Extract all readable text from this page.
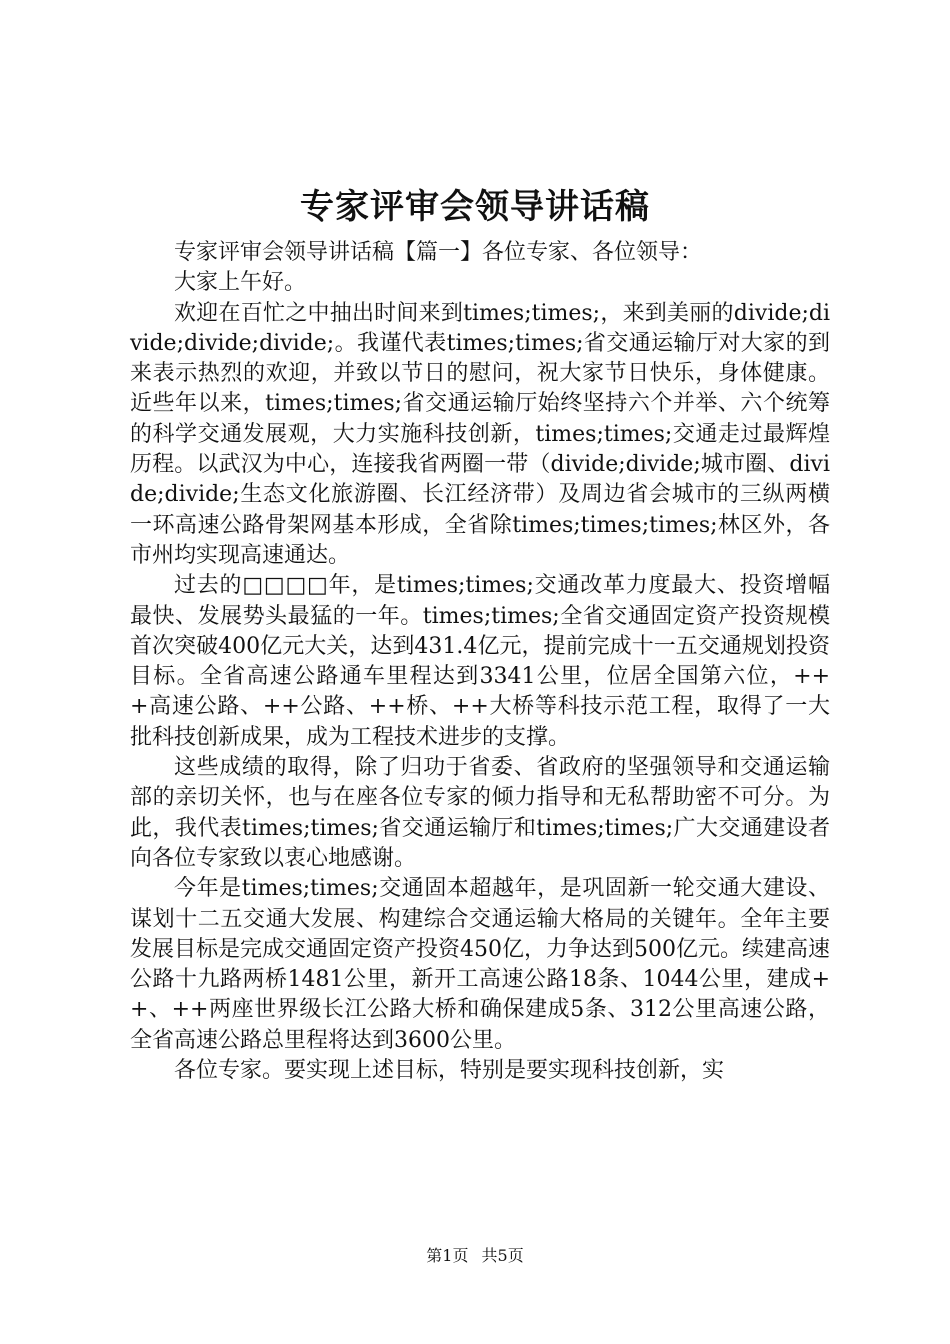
专家评审会领导讲话稿

专家评审会领导讲话稿【篇一】各位专家、各位领导：

大家上午好。

欢迎在百忙之中抽出时间来到times;times;，来到美丽的divide;divide;divide;divide;。我谨代表times;times;省交通运输厅对大家的到来表示热烈的欢迎，并致以节日的慰问，祝大家节日快乐，身体健康。近些年以来，times;times;省交通运输厅始终坚持六个并举、六个统筹的科学交通发展观，大力实施科技创新，times;times;交通走过最辉煌历程。以武汉为中心，连接我省两圈一带（divide;divide;城市圈、divide;divide;生态文化旅游圈、长江经济带）及周边省会城市的三纵两横一环高速公路骨架网基本形成，全省除times;times;times;林区外，各市州均实现高速通达。

过去的□□□□年，是times;times;交通改革力度最大、投资增幅最快、发展势头最猛的一年。times;times;全省交通固定资产投资规模首次突破400亿元大关，达到431.4亿元，提前完成十一五交通规划投资目标。全省高速公路通车里程达到3341公里，位居全国第六位，+++高速公路、++公路、++桥、++大桥等科技示范工程，取得了一大批科技创新成果，成为工程技术进步的支撑。

这些成绩的取得，除了归功于省委、省政府的坚强领导和交通运输部的亲切关怀，也与在座各位专家的倾力指导和无私帮助密不可分。为此，我代表times;times;省交通运输厅和times;times;广大交通建设者向各位专家致以衷心地感谢。

今年是times;times;交通固本超越年，是巩固新一轮交通大建设、谋划十二五交通大发展、构建综合交通运输大格局的关键年。全年主要发展目标是完成交通固定资产投资450亿，力争达到500亿元。续建高速公路十九路两桥1481公里，新开工高速公路18条、1044公里，建成++、++两座世界级长江公路大桥和确保建成5条、312公里高速公路，全省高速公路总里程将达到3600公里。

各位专家。要实现上述目标，特别是要实现科技创新，实

第1页 共5页
